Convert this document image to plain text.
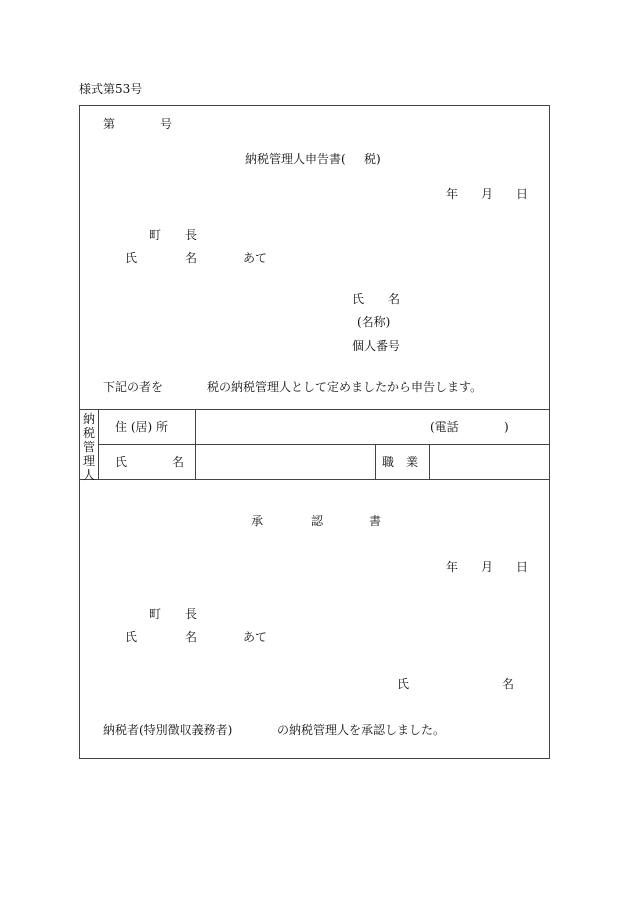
様式第53号
第	号
納税管理人申告書( 税)
年 月 日
町 長
氏	名	あて
氏 名
(名称)
個人番号
下記の者を	税の納税管理人として定めましたから申告します。
納税管理人
住 (居) 所	(電話	)
氏	名	職　業
承	認	書
年 月 日
町 長
氏	名	あて
氏	名
納税者(特別徴収義務者)	の納税管理人を承認しました。
